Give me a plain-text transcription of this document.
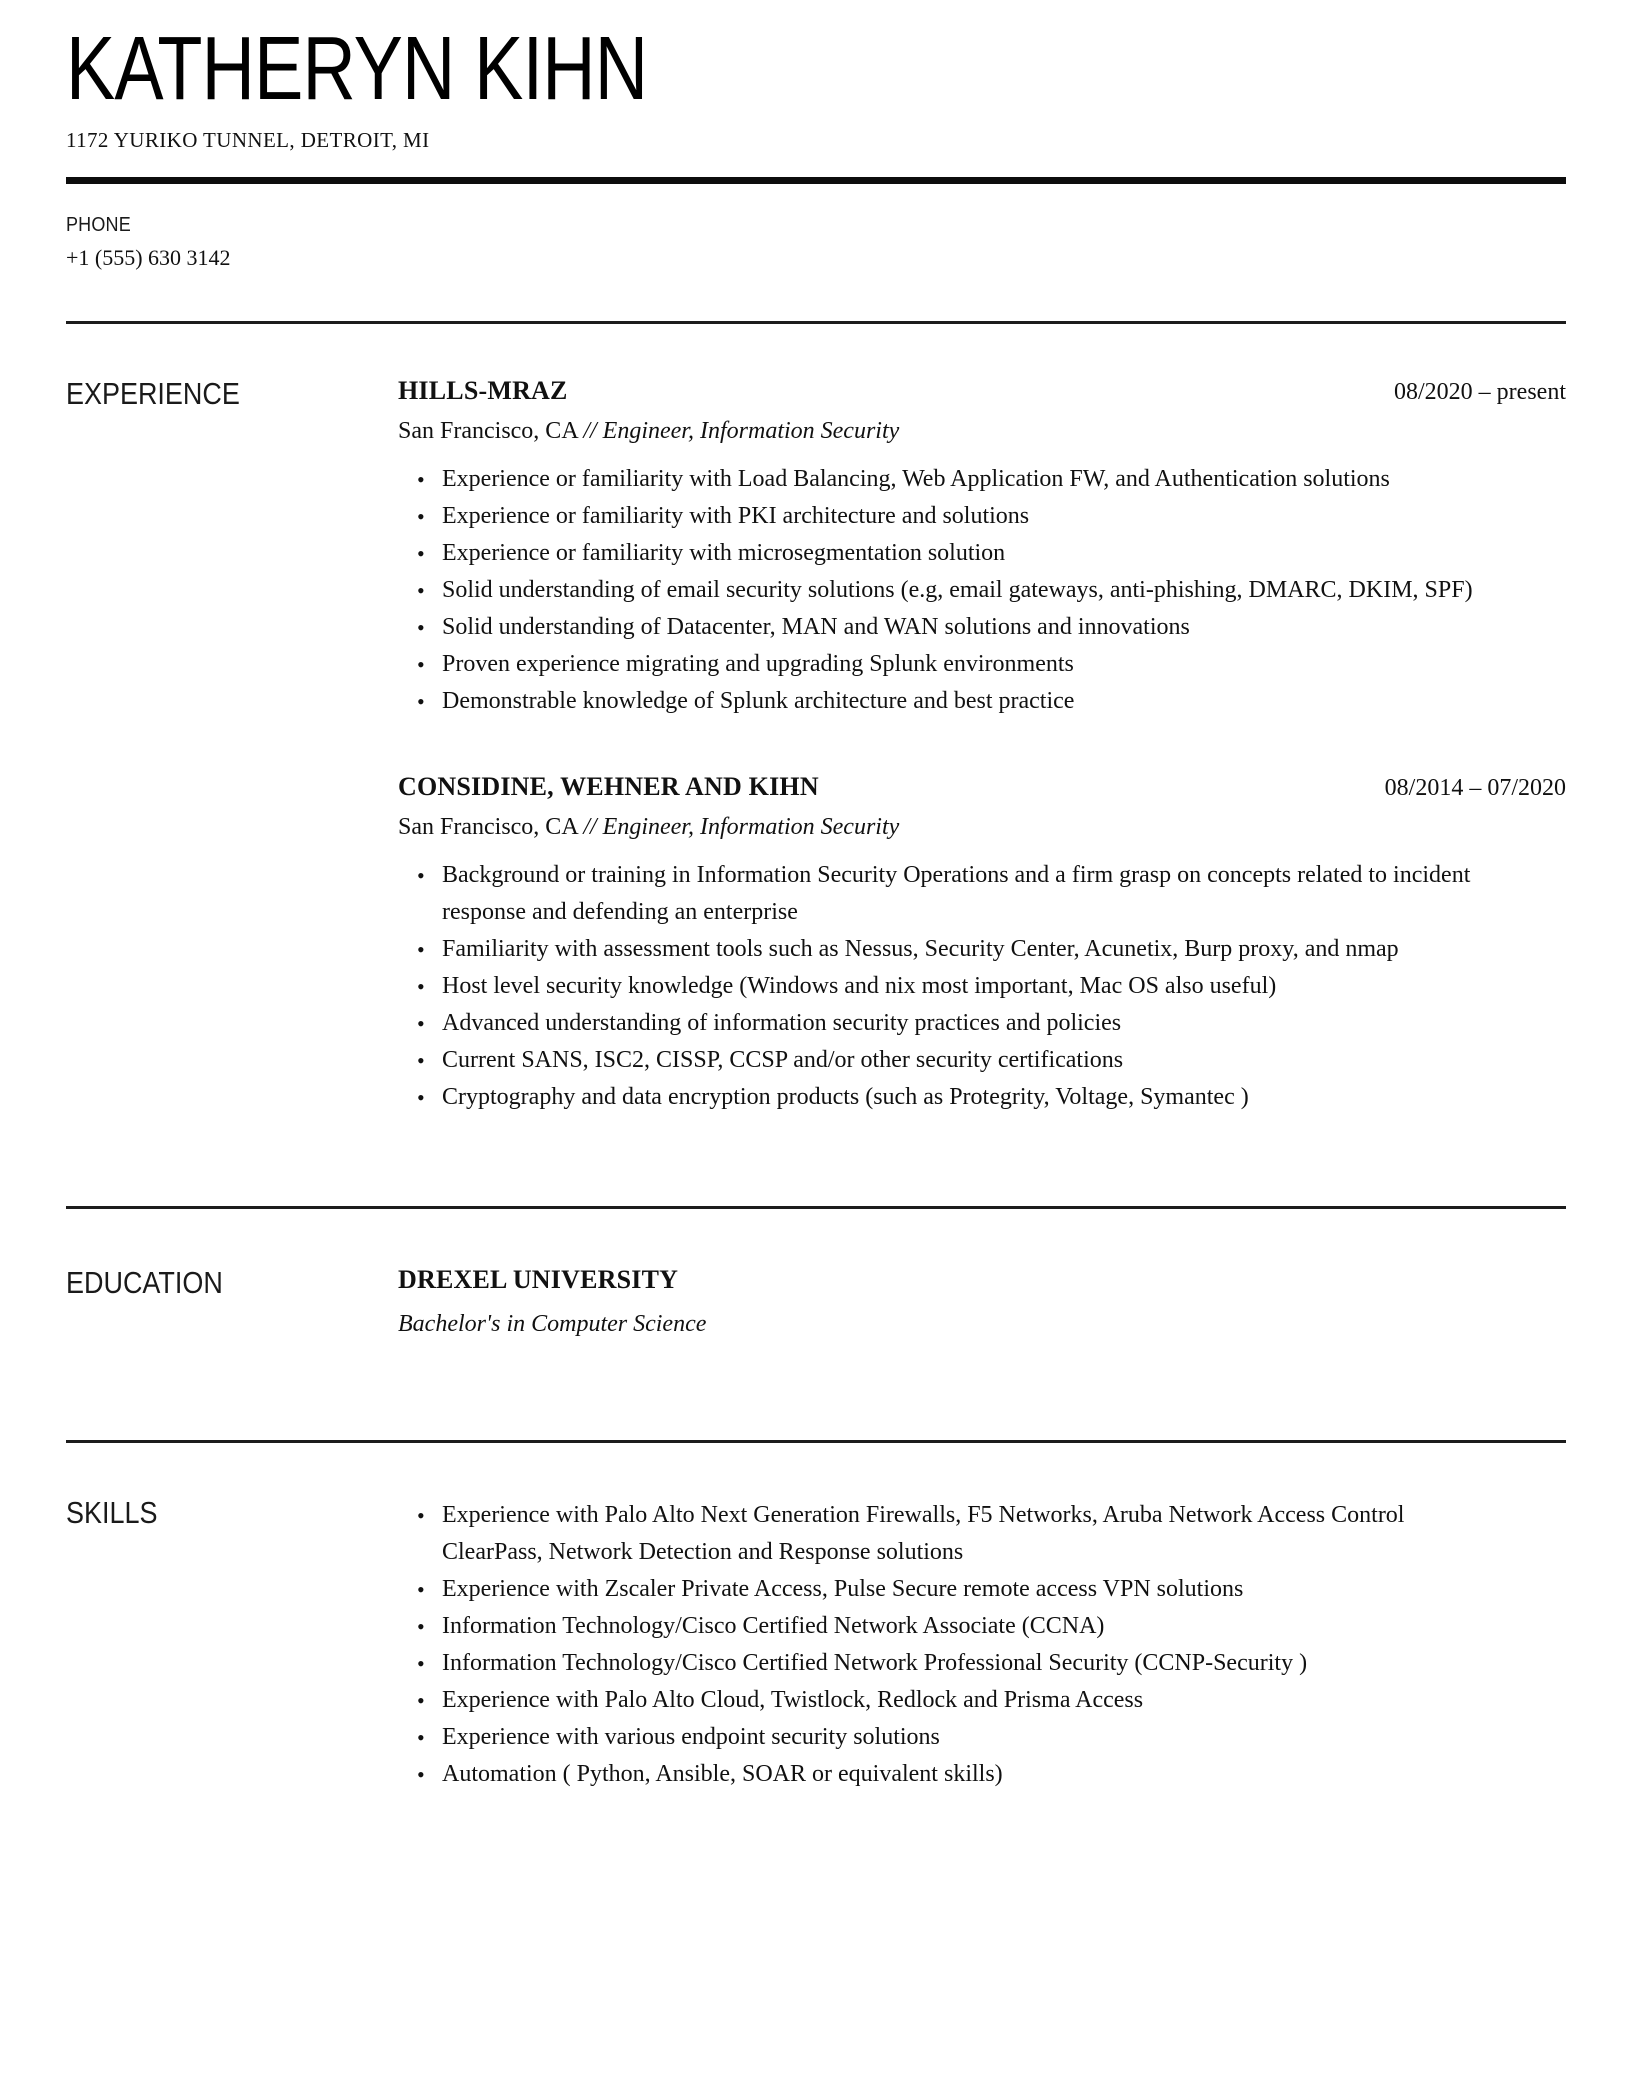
KATHERYN KIHN
1172 YURIKO TUNNEL, DETROIT, MI
PHONE
+1 (555) 630 3142
EXPERIENCE	HILLS-MRAZ	08/2020 – present
San Francisco, CA // Engineer, Information Security
• Experience or familiarity with Load Balancing, Web Application FW, and Authentication solutions
• Experience or familiarity with PKI architecture and solutions
• Experience or familiarity with microsegmentation solution
• Solid understanding of email security solutions (e.g, email gateways, anti-phishing, DMARC, DKIM, SPF)
• Solid understanding of Datacenter, MAN and WAN solutions and innovations
• Proven experience migrating and upgrading Splunk environments
• Demonstrable knowledge of Splunk architecture and best practice
CONSIDINE, WEHNER AND KIHN	08/2014 – 07/2020
San Francisco, CA // Engineer, Information Security
• Background or training in Information Security Operations and a firm grasp on concepts related to incident response and defending an enterprise
• Familiarity with assessment tools such as Nessus, Security Center, Acunetix, Burp proxy, and nmap
• Host level security knowledge (Windows and nix most important, Mac OS also useful)
• Advanced understanding of information security practices and policies
• Current SANS, ISC2, CISSP, CCSP and/or other security certifications
• Cryptography and data encryption products (such as Protegrity, Voltage, Symantec )
EDUCATION	DREXEL UNIVERSITY
Bachelor's in Computer Science
SKILLS	• Experience with Palo Alto Next Generation Firewalls, F5 Networks, Aruba Network Access Control ClearPass, Network Detection and Response solutions
• Experience with Zscaler Private Access, Pulse Secure remote access VPN solutions
• Information Technology/Cisco Certified Network Associate (CCNA)
• Information Technology/Cisco Certified Network Professional Security (CCNP-Security )
• Experience with Palo Alto Cloud, Twistlock, Redlock and Prisma Access
• Experience with various endpoint security solutions
• Automation ( Python, Ansible, SOAR or equivalent skills)
